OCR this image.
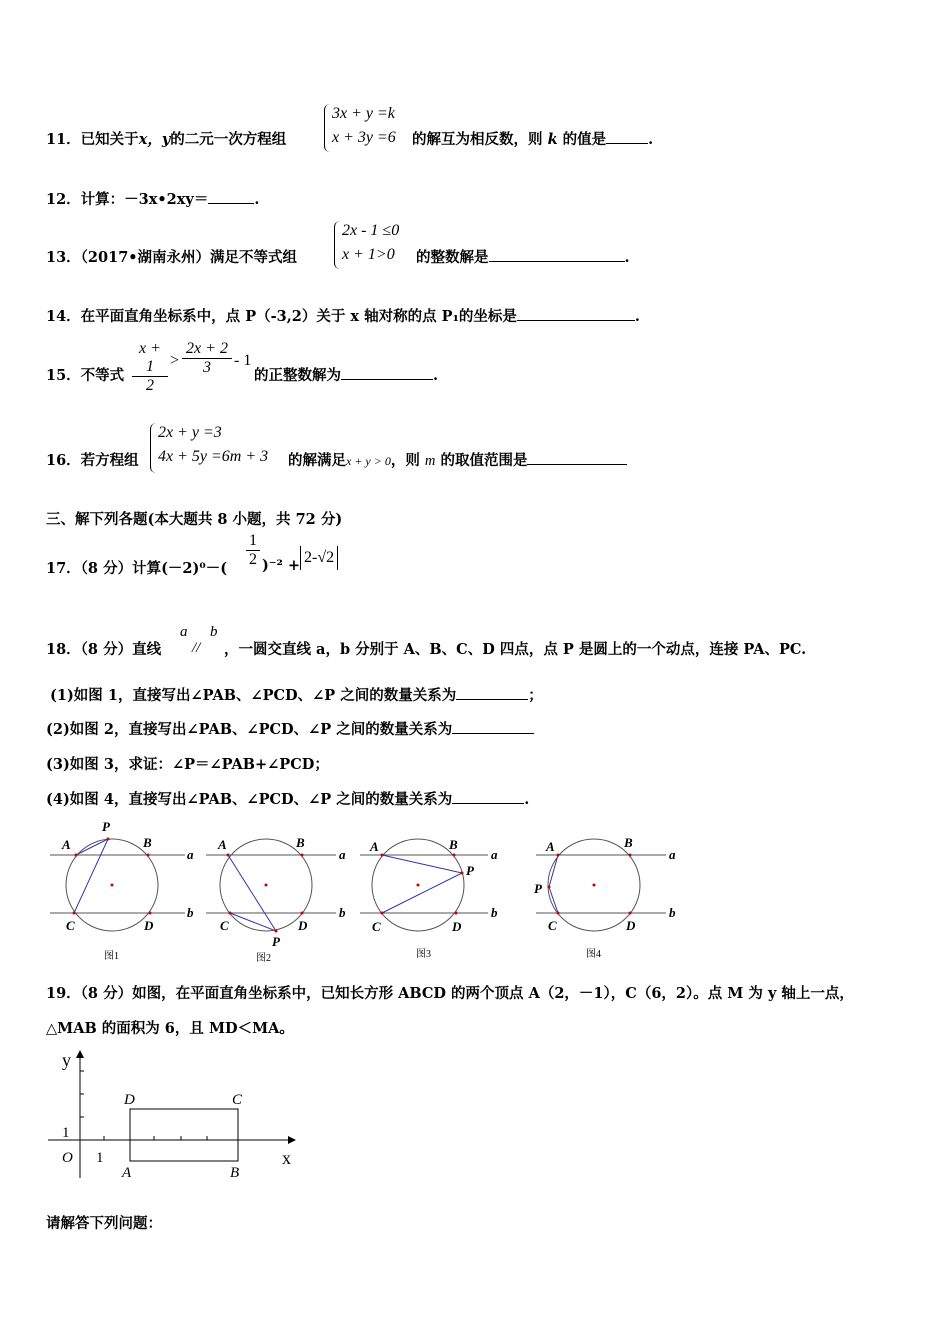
11．已知关于x，y的二元一次方程组
3x + y =k
x + 3y =6 的解互为相反数，则 k 的值是	.
12．计算：－3x•2xy＝	.
13．（2017•湖南永州）满足不等式组
2x - 1 ≤0
x + 1>0	的整数解是	.
14．在平面直角坐标系中，点 P（-3,2）关于 x 轴对称的点 P₁的坐标是	.
15．不等式 $\frac{x + 1}{2} > \frac{2x + 2}{3} - 1$
的正整数解为	.
16．若方程组
2x + y =3
4x + 5y =6m + 3 的解满足x + y > 0，则 m 的取值范围是
三、解下列各题(本大题共 8 小题，共 72 分)
17．（8 分）计算$(-2)^0-( \frac{1}{2} )^{-2} + 2-√2$
18．（8 分）直线
a
//
b
，一圆交直线 a，b 分别于 A、B、C、D 四点，点 P 是圆上的一个动点，连接 PA、PC.
(1)如图 1，直接写出∠PAB、∠PCD、∠P 之间的数量关系为	；
(2)如图 2，直接写出∠PAB、∠PCD、∠P 之间的数量关系为
(3)如图 3，求证：∠P＝∠PAB+∠PCD；
(4)如图 4，直接写出∠PAB、∠PCD、∠P 之间的数量关系为	.
P
A	B
C	D
a
b
图1
A	B
C	D
P
a
b
图2
A	B
P
C	D
a
b
图3
A	B
P
C	D
a
b
图4
19．（8 分）如图，在平面直角坐标系中，已知长方形 ABCD 的两个顶点 A（2，－1），C（6，2）。点 M 为 y 轴上一点，
△MAB 的面积为 6，且 MD＜MA。
y
x
O 1
1
D	C
A	B
请解答下列问题：
